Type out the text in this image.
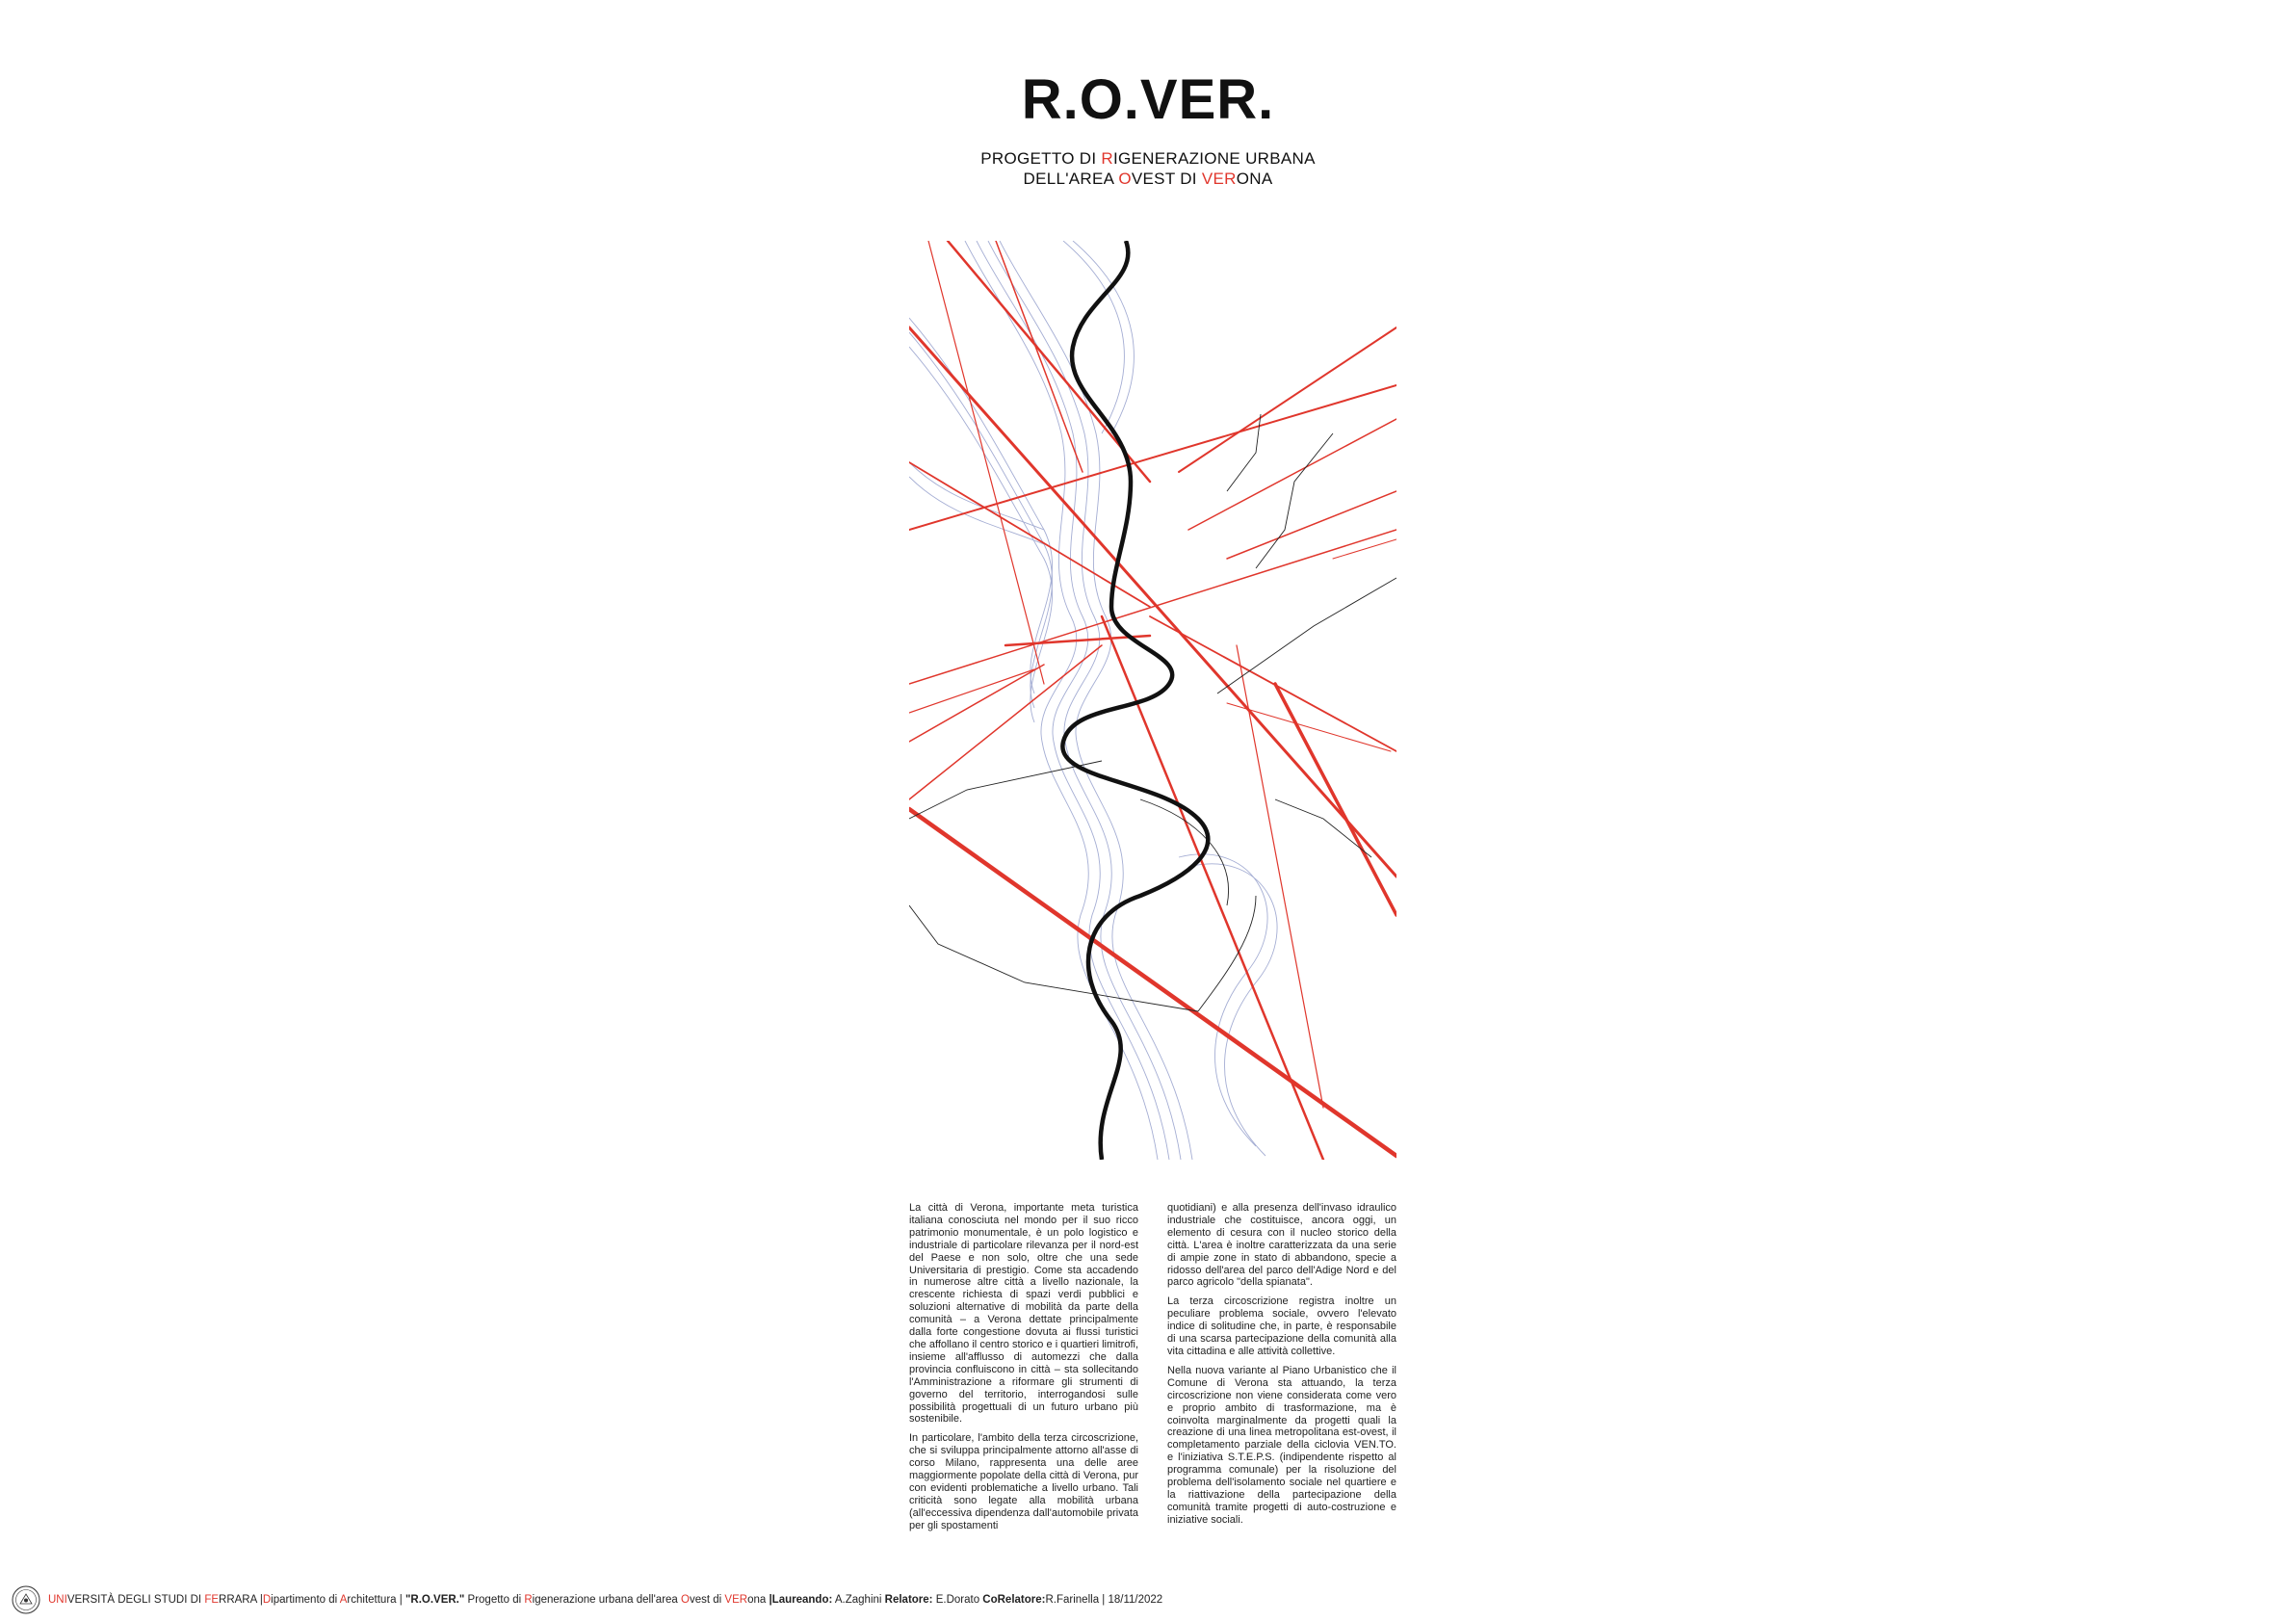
R.O.VER.
PROGETTO DI RIGENERAZIONE URBANA
DELL'AREA OVEST DI VERONA

La città di Verona, importante meta turistica italiana conosciuta nel mondo per il suo ricco patrimonio monumentale, è un polo logistico e industriale di particolare rilevanza per il nord-est del Paese e non solo, oltre che una sede Universitaria di prestigio. Come sta accadendo in numerose altre città a livello nazionale, la crescente richiesta di spazi verdi pubblici e soluzioni alternative di mobilità da parte della comunità – a Verona dettate principalmente dalla forte congestione dovuta ai flussi turistici che affollano il centro storico e i quartieri limitrofi, insieme all'afflusso di automezzi che dalla provincia confluiscono in città – sta sollecitando l'Amministrazione a riformare gli strumenti di governo del territorio, interrogandosi sulle possibilità progettuali di un futuro urbano più sostenibile.

In particolare, l'ambito della terza circoscrizione, che si sviluppa principalmente attorno all'asse di corso Milano, rappresenta una delle aree maggiormente popolate della città di Verona, pur con evidenti problematiche a livello urbano. Tali criticità sono legate alla mobilità urbana (all'eccessiva dipendenza dall'automobile privata per gli spostamenti

quotidiani) e alla presenza dell'invaso idraulico industriale che costituisce, ancora oggi, un elemento di cesura con il nucleo storico della città. L'area è inoltre caratterizzata da una serie di ampie zone in stato di abbandono, specie a ridosso dell'area del parco dell'Adige Nord e del parco agricolo "della spianata".

La terza circoscrizione registra inoltre un peculiare problema sociale, ovvero l'elevato indice di solitudine che, in parte, è responsabile di una scarsa partecipazione della comunità alla vita cittadina e alle attività collettive.

Nella nuova variante al Piano Urbanistico che il Comune di Verona sta attuando, la terza circoscrizione non viene considerata come vero e proprio ambito di trasformazione, ma è coinvolta marginalmente da progetti quali la creazione di una linea metropolitana est-ovest, il completamento parziale della ciclovia VEN.TO. e l'iniziativa S.T.E.P.S. (indipendente rispetto al programma comunale) per la risoluzione del problema dell'isolamento sociale nel quartiere e la riattivazione della partecipazione della comunità tramite progetti di auto-costruzione e iniziative sociali.

UNIVERSITÀ DEGLI STUDI DI FERRARA |Dipartimento di Architettura | "R.O.VER." Progetto di Rigenerazione urbana dell'area Ovest di VERona |Laureando: A.Zaghini Relatore: E.Dorato CoRelatore:R.Farinella | 18/11/2022
